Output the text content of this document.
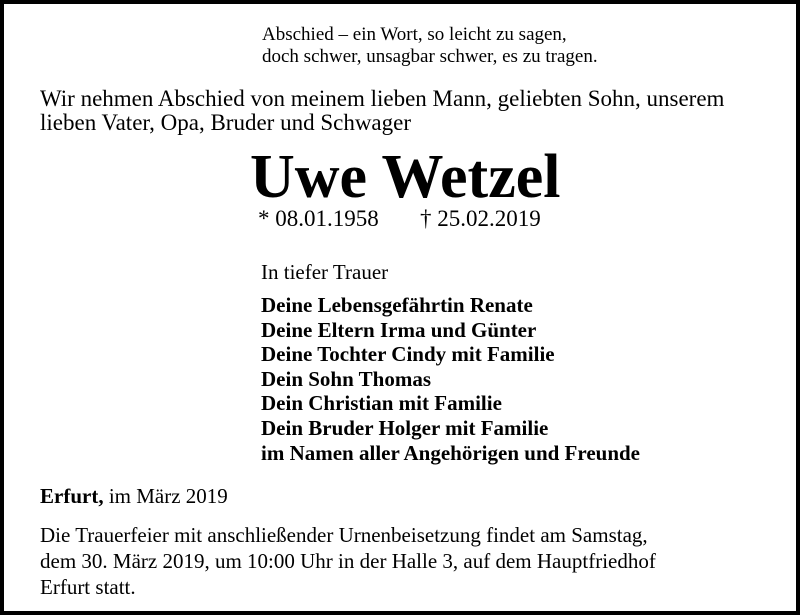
Abschied – ein Wort, so leicht zu sagen,

doch schwer, unsagbar schwer, es zu tragen.

Wir nehmen Abschied von meinem lieben Mann, geliebten Sohn, unserem

lieben Vater, Opa, Bruder und Schwager

Uwe Wetzel
* 08.01.1958 † 25.02.2019

In tiefer Trauer

Deine Lebensgefährtin Renate
Deine Eltern Irma und Günter
Deine Tochter Cindy mit Familie
Dein Sohn Thomas
Dein Christian mit Familie
Dein Bruder Holger mit Familie
im Namen aller Angehörigen und Freunde

Erfurt, im März 2019

Die Trauerfeier mit anschließender Urnenbeisetzung findet am Samstag,

dem 30. März 2019, um 10:00 Uhr in der Halle 3, auf dem Hauptfriedhof

Erfurt statt.
